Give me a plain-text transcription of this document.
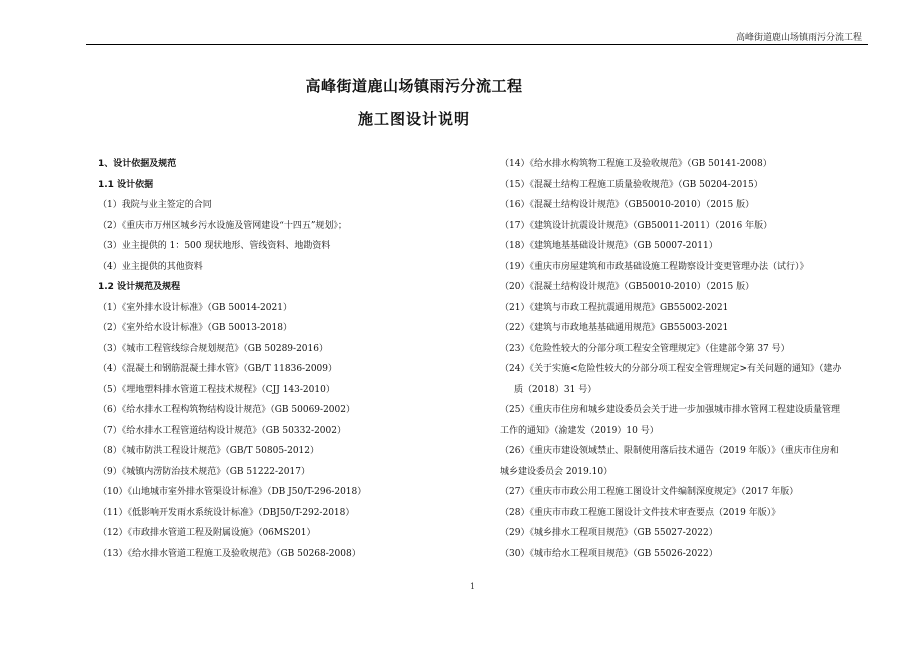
高峰街道鹿山场镇雨污分流工程
高峰街道鹿山场镇雨污分流工程
施工图设计说明
1、设计依据及规范
1.1 设计依据
（1）我院与业主签定的合同
（2）《重庆市万州区城乡污水设施及管网建设“十四五”规划》；
（3）业主提供的 1：500 现状地形、管线资料、地勘资料
（4）业主提供的其他资料
1.2 设计规范及规程
（1）《室外排水设计标准》（GB 50014-2021）
（2）《室外给水设计标准》（GB 50013-2018）
（3）《城市工程管线综合规划规范》（GB 50289-2016）
（4）《混凝土和钢筋混凝土排水管》（GB/T 11836-2009）
（5）《埋地塑料排水管道工程技术规程》（CJJ 143-2010）
（6）《给水排水工程构筑物结构设计规范》（GB 50069-2002）
（7）《给水排水工程管道结构设计规范》（GB 50332-2002）
（8）《城市防洪工程设计规范》（GB/T 50805-2012）
（9）《城镇内涝防治技术规范》（GB 51222-2017）
（10）《山地城市室外排水管渠设计标准》（DB J50/T-296-2018）
（11）《低影响开发雨水系统设计标准》（DBJ50/T-292-2018）
（12）《市政排水管道工程及附属设施》（06MS201）
（13）《给水排水管道工程施工及验收规范》（GB 50268-2008）
（14）《给水排水构筑物工程施工及验收规范》（GB 50141-2008）
（15）《混凝土结构工程施工质量验收规范》（GB 50204-2015）
（16）《混凝土结构设计规范》（GB50010-2010）（2015 版）
（17）《建筑设计抗震设计规范》（GB50011-2011）（2016 年版）
（18）《建筑地基基础设计规范》（GB 50007-2011）
（19）《重庆市房屋建筑和市政基础设施工程勘察设计变更管理办法（试行）》
（20）《混凝土结构设计规范》（GB50010-2010）（2015 版）
（21）《建筑与市政工程抗震通用规范》GB55002-2021
（22）《建筑与市政地基基础通用规范》GB55003-2021
（23）《危险性较大的分部分项工程安全管理规定》（住建部令第 37 号）
（24）《关于实施<危险性较大的分部分项工程安全管理规定>有关问题的通知》（建办
质（2018）31 号）
（25）《重庆市住房和城乡建设委员会关于进一步加强城市排水管网工程建设质量管理
工作的通知》（渝建发（2019）10 号）
（26）《重庆市建设领域禁止、限制使用落后技术通告（2019 年版）》（重庆市住房和
城乡建设委员会 2019.10）
（27）《重庆市市政公用工程施工图设计文件编制深度规定》（2017 年版）
（28）《重庆市市政工程施工图设计文件技术审查要点（2019 年版）》
（29）《城乡排水工程项目规范》（GB 55027-2022）
（30）《城市给水工程项目规范》（GB 55026-2022）
1
